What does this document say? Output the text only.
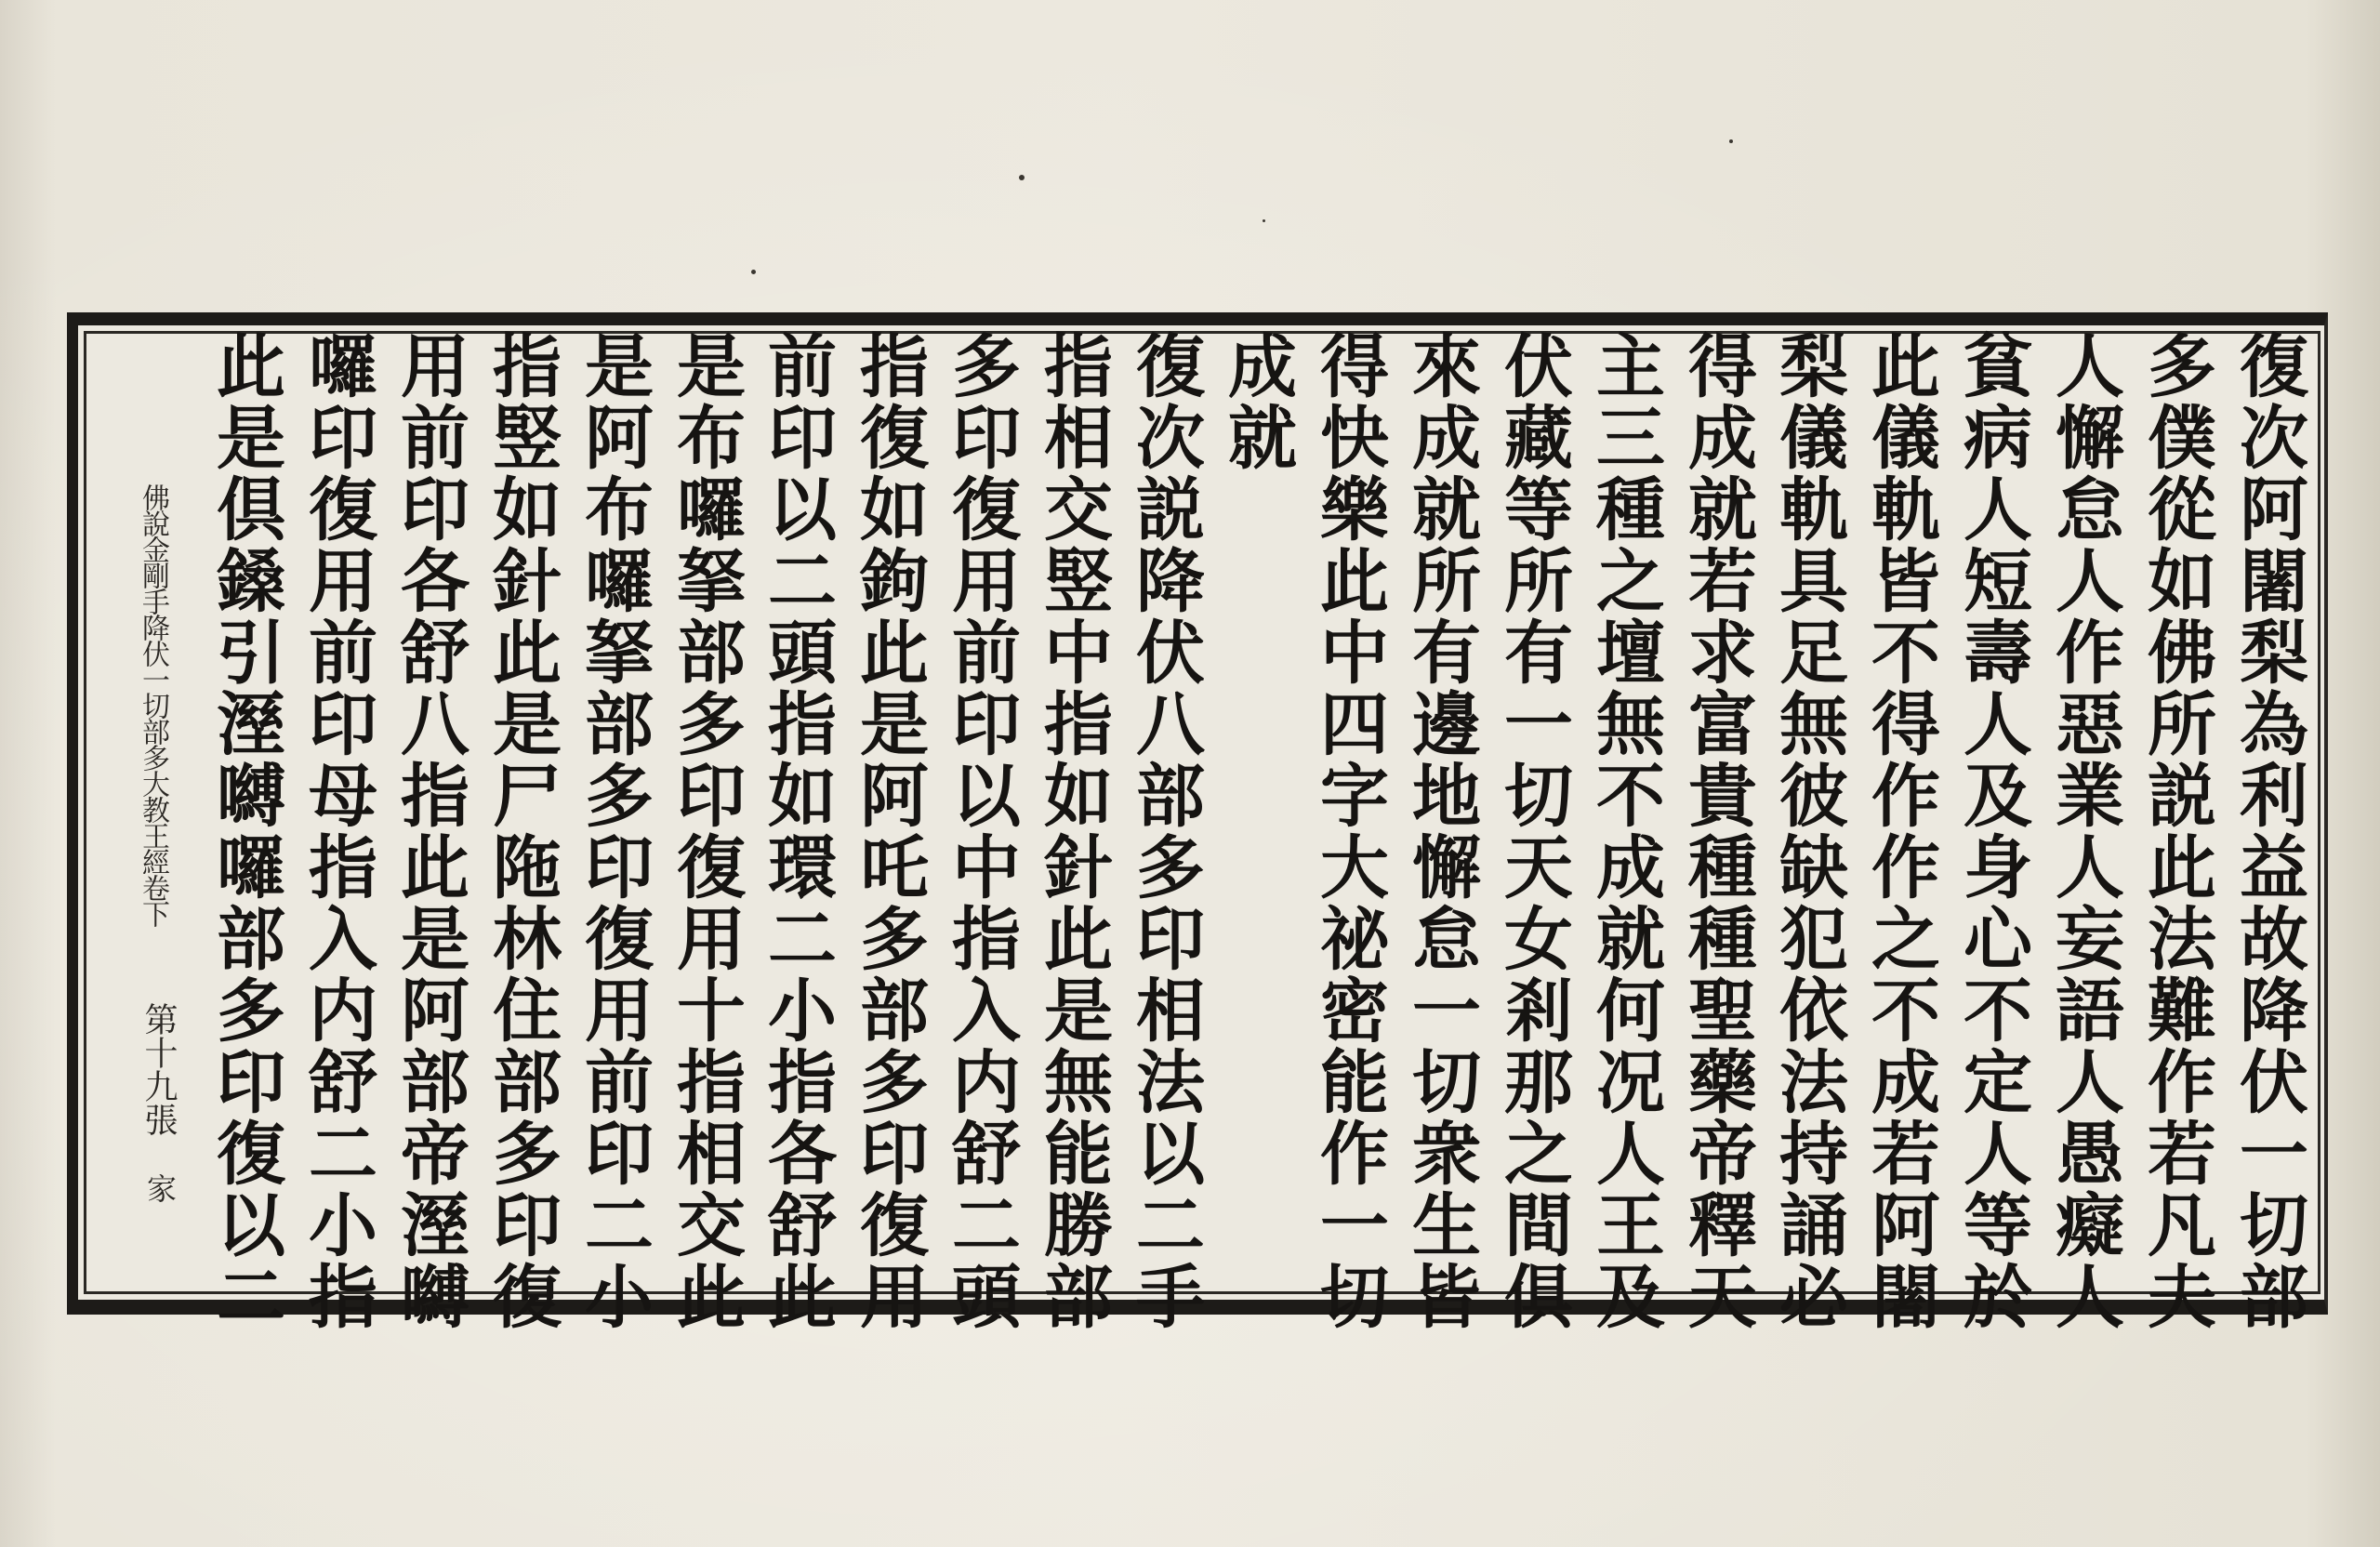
復次阿闍梨為利益故降伏一切部
多僕從如佛所説此法難作若凡夫
人懈怠人作惡業人妄語人愚癡人
貧病人短壽人及身心不定人等於
此儀軌皆不得作作之不成若阿闍
梨儀軌具足無彼缺犯依法持誦必
得成就若求富貴種種聖藥帝釋天
主三種之壇無不成就何况人王及
伏藏等所有一切天女剎那之間俱
來成就所有邊地懈怠一切衆生皆
得快樂此中四字大祕密能作一切
成就
復次説降伏八部多印相法以二手
指相交竪中指如針此是無能勝部
多印復用前印以中指入内舒二頭
指復如鉤此是阿吒多部多印復用
前印以二頭指如環二小指各舒此
是布囉拏部多印復用十指相交此
是阿布囉拏部多印復用前印二小
指竪如針此是尸陁林住部多印復
用前印各舒八指此是阿部帝溼嚩
囉印復用前印母指入内舒二小指
此是倶鎟引溼嚩囉部多印復以二
佛說金剛手降伏一切部多大教王經卷下
第十九張
家
